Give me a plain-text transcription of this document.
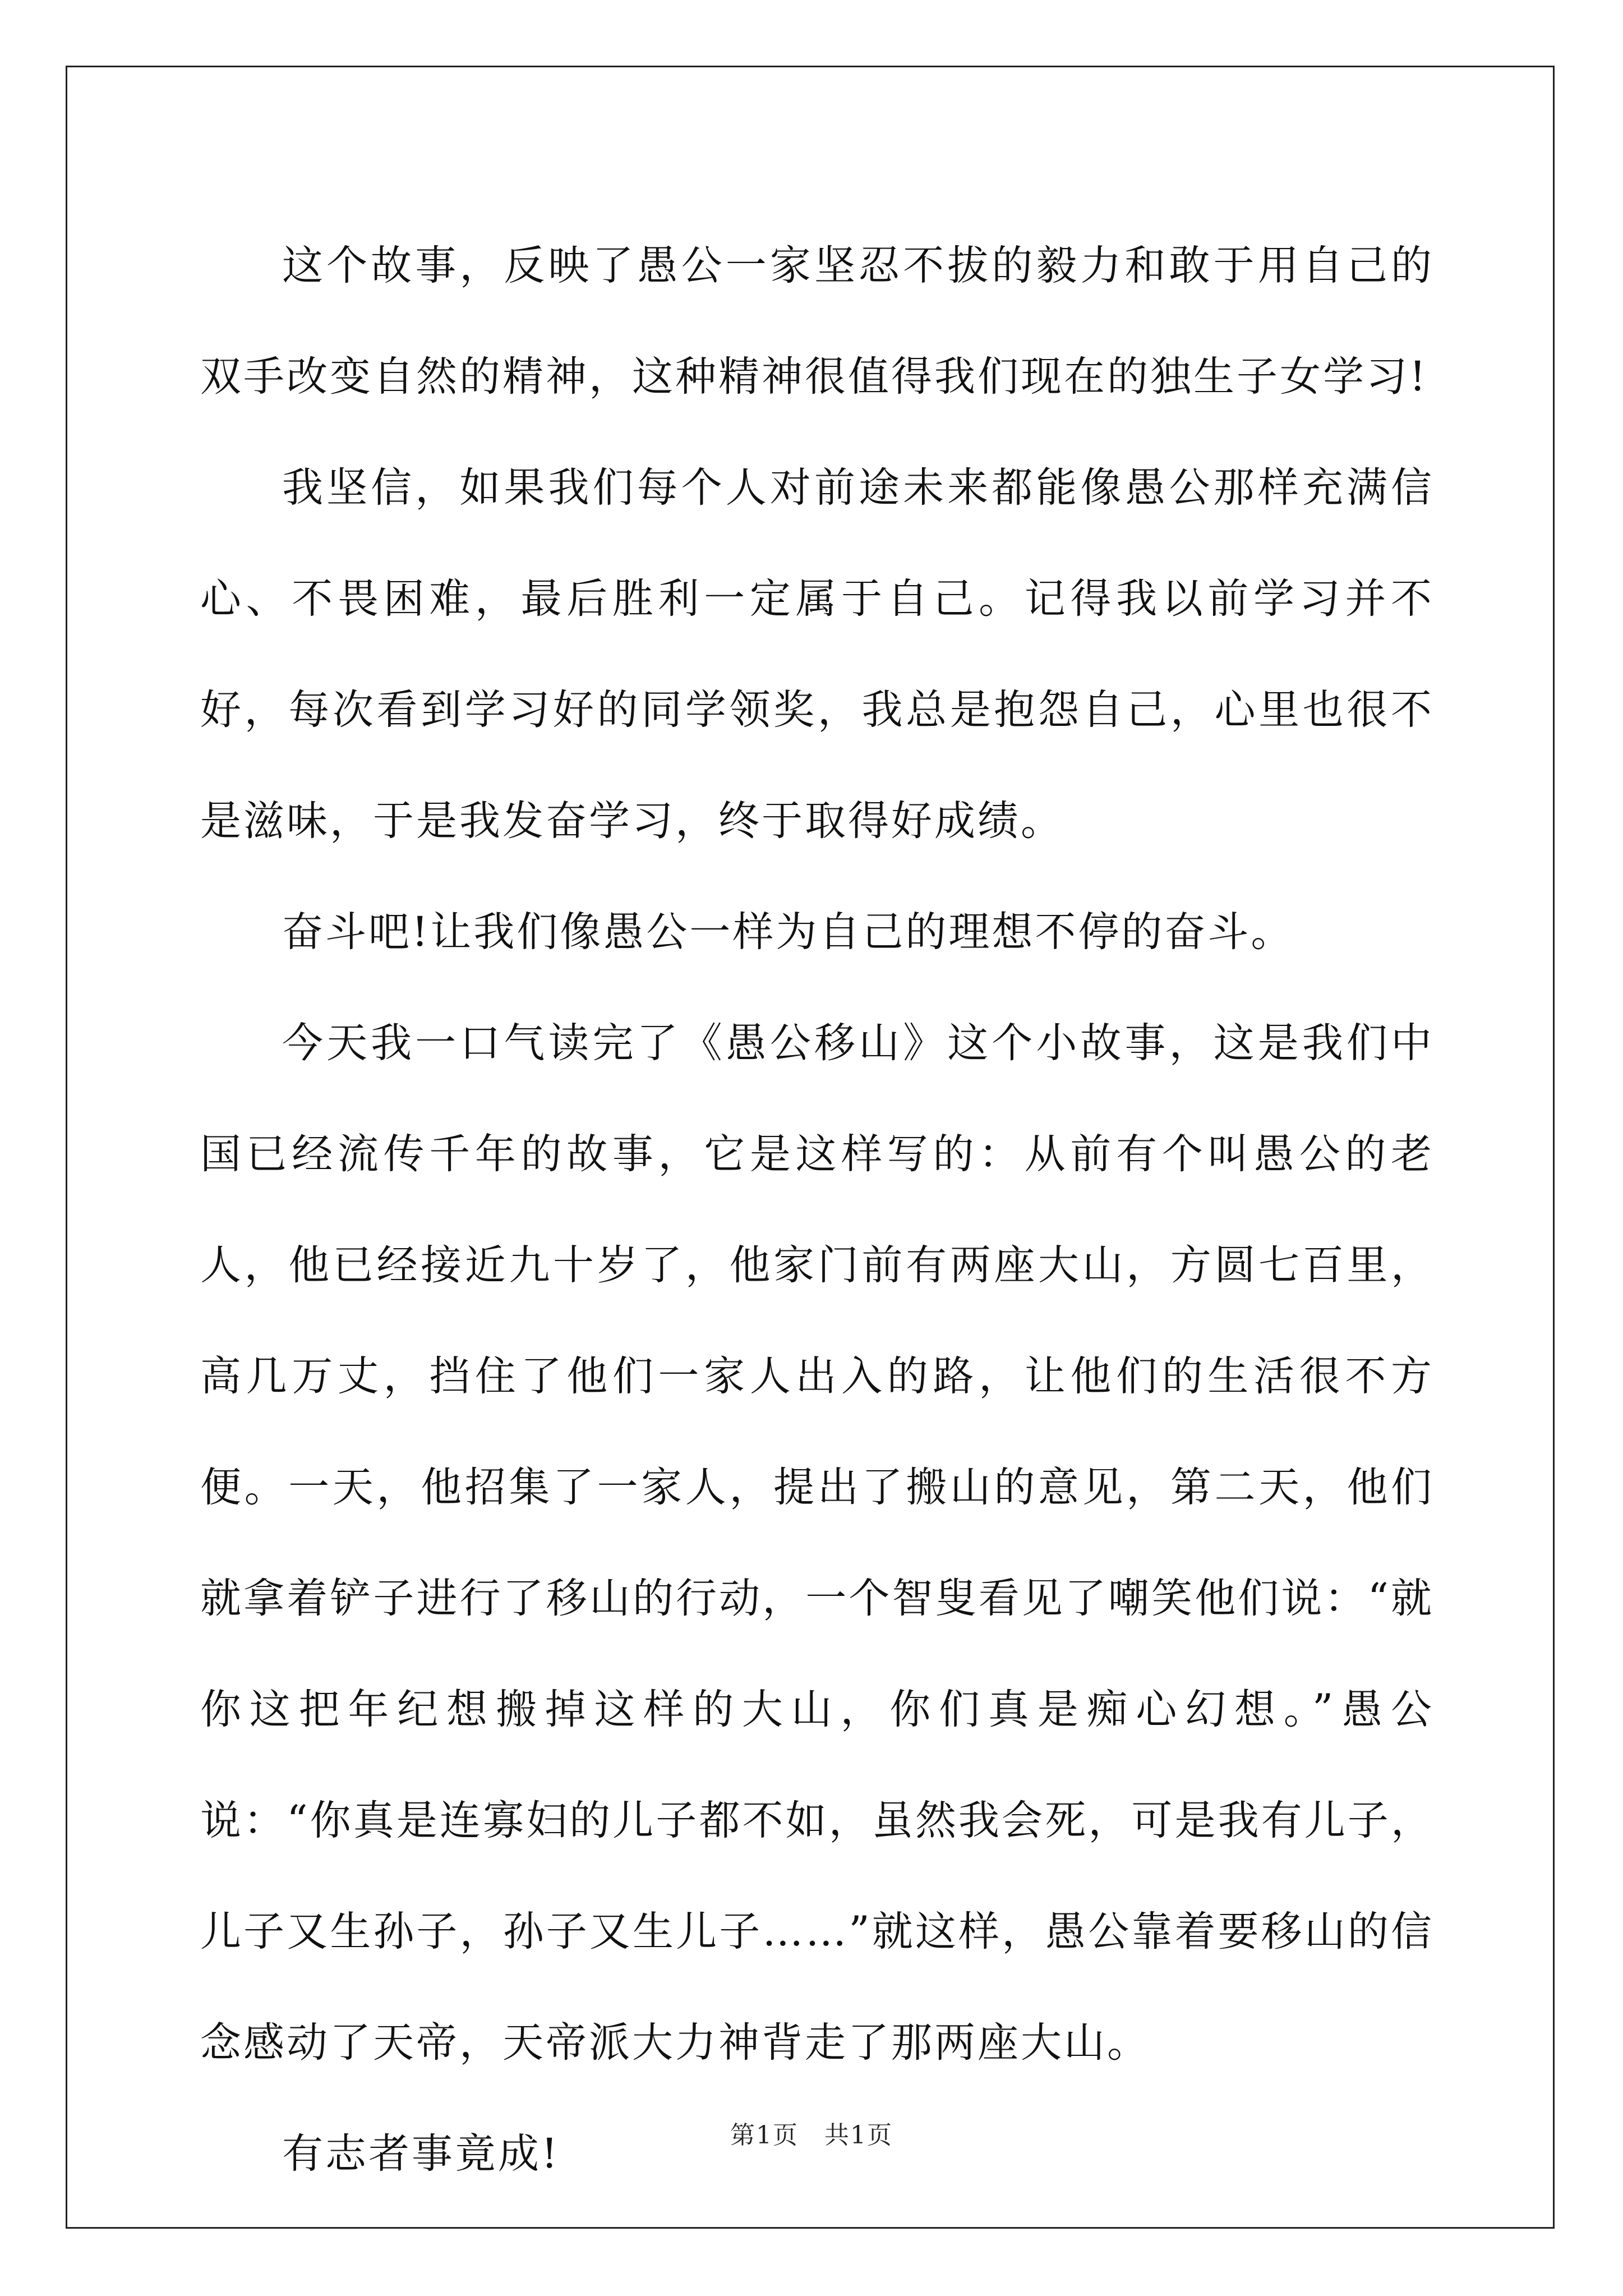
这个故事，反映了愚公一家坚忍不拔的毅力和敢于用自己的双手改变自然的精神，这种精神很值得我们现在的独生子女学习!

我坚信，如果我们每个人对前途未来都能像愚公那样充满信心、不畏困难，最后胜利一定属于自己。记得我以前学习并不好，每次看到学习好的同学领奖，我总是抱怨自己，心里也很不是滋味，于是我发奋学习，终于取得好成绩。

奋斗吧!让我们像愚公一样为自己的理想不停的奋斗。

今天我一口气读完了《愚公移山》这个小故事，这是我们中国已经流传千年的故事，它是这样写的：从前有个叫愚公的老人，他已经接近九十岁了，他家门前有两座大山，方圆七百里，高几万丈，挡住了他们一家人出入的路，让他们的生活很不方便。一天，他招集了一家人，提出了搬山的意见，第二天，他们就拿着铲子进行了移山的行动，一个智叟看见了嘲笑他们说：“就你这把年纪想搬掉这样的大山，你们真是痴心幻想。”愚公说：“你真是连寡妇的儿子都不如，虽然我会死，可是我有儿子，儿子又生孙子，孙子又生儿子……”就这样，愚公靠着要移山的信念感动了天帝，天帝派大力神背走了那两座大山。

有志者事竟成!	第1页 共1页
